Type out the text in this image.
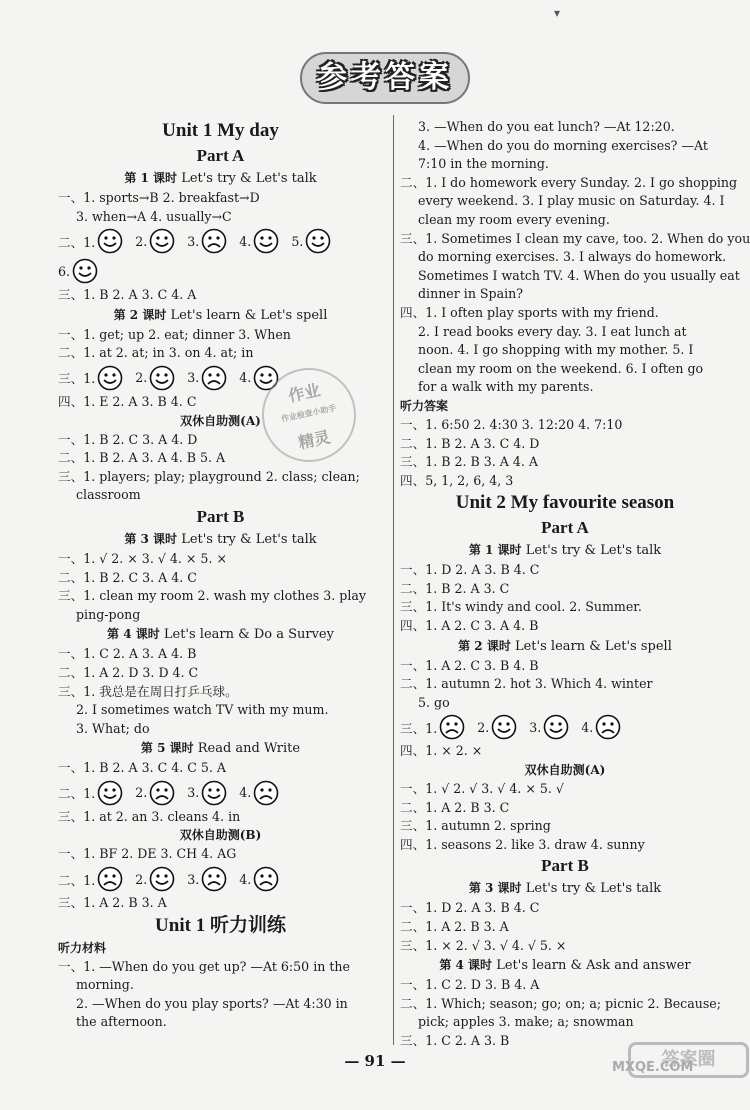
▾
参考答案
Unit 1 My day
Part A
第 1 课时 Let's try & Let's talk
一、1. sports→B 2. breakfast→D
3. when→A 4. usually→C
二、1.	2.	3.	4.	5.
6.
三、1. B 2. A 3. C 4. A
第 2 课时 Let's learn & Let's spell
一、1. get; up 2. eat; dinner 3. When
二、1. at 2. at; in 3. on 4. at; in
三、1.	2.	3.	4.
四、1. E 2. A 3. B 4. C
双休自助测(A)
一、1. B 2. C 3. A 4. D
二、1. B 2. A 3. A 4. B 5. A
三、1. players; play; playground 2. class; clean;
classroom
Part B
第 3 课时 Let's try & Let's talk
一、1. √ 2. × 3. √ 4. × 5. ×
二、1. B 2. C 3. A 4. C
三、1. clean my room 2. wash my clothes 3. play
ping-pong
第 4 课时 Let's learn & Do a Survey
一、1. C 2. A 3. A 4. B
二、1. A 2. D 3. D 4. C
三、1. 我总是在周日打乒乓球。
2. I sometimes watch TV with my mum.
3. What; do
第 5 课时 Read and Write
一、1. B 2. A 3. C 4. C 5. A
二、1.	2.	3.	4.
三、1. at 2. an 3. cleans 4. in
双休自助测(B)
一、1. BF 2. DE 3. CH 4. AG
二、1.	2.	3.	4.
三、1. A 2. B 3. A
Unit 1 听力训练
听力材料
一、1. —When do you get up? —At 6:50 in the
morning.
2. —When do you play sports? —At 4:30 in
the afternoon.
3. —When do you eat lunch? —At 12:20.
4. —When do you do morning exercises? —At
7:10 in the morning.
二、1. I do homework every Sunday. 2. I go shopping
every weekend. 3. I play music on Saturday. 4. I
clean my room every evening.
三、1. Sometimes I clean my cave, too. 2. When do you
do morning exercises. 3. I always do homework.
Sometimes I watch TV. 4. When do you usually eat
dinner in Spain?
四、1. I often play sports with my friend.
2. I read books every day. 3. I eat lunch at
noon. 4. I go shopping with my mother. 5. I
clean my room on the weekend. 6. I often go
for a walk with my parents.
听力答案
一、1. 6:50 2. 4:30 3. 12:20 4. 7:10
二、1. B 2. A 3. C 4. D
三、1. B 2. B 3. A 4. A
四、5, 1, 2, 6, 4, 3
Unit 2 My favourite season
Part A
第 1 课时 Let's try & Let's talk
一、1. D 2. A 3. B 4. C
二、1. B 2. A 3. C
三、1. It's windy and cool. 2. Summer.
四、1. A 2. C 3. A 4. B
第 2 课时 Let's learn & Let's spell
一、1. A 2. C 3. B 4. B
二、1. autumn 2. hot 3. Which 4. winter
5. go
三、1.	2.	3.	4.
四、1. × 2. ×
双休自助测(A)
一、1. √ 2. √ 3. √ 4. × 5. √
二、1. A 2. B 3. C
三、1. autumn 2. spring
四、1. seasons 2. like 3. draw 4. sunny
Part B
第 3 课时 Let's try & Let's talk
一、1. D 2. A 3. B 4. C
二、1. A 2. B 3. A
三、1. × 2. √ 3. √ 4. √ 5. ×
第 4 课时 Let's learn & Ask and answer
一、1. C 2. D 3. B 4. A
二、1. Which; season; go; on; a; picnic 2. Because;
pick; apples 3. make; a; snowman
三、1. C 2. A 3. B
作业
作业检查小助手
精灵
— 91 —	答案圈
MXQE.COM
